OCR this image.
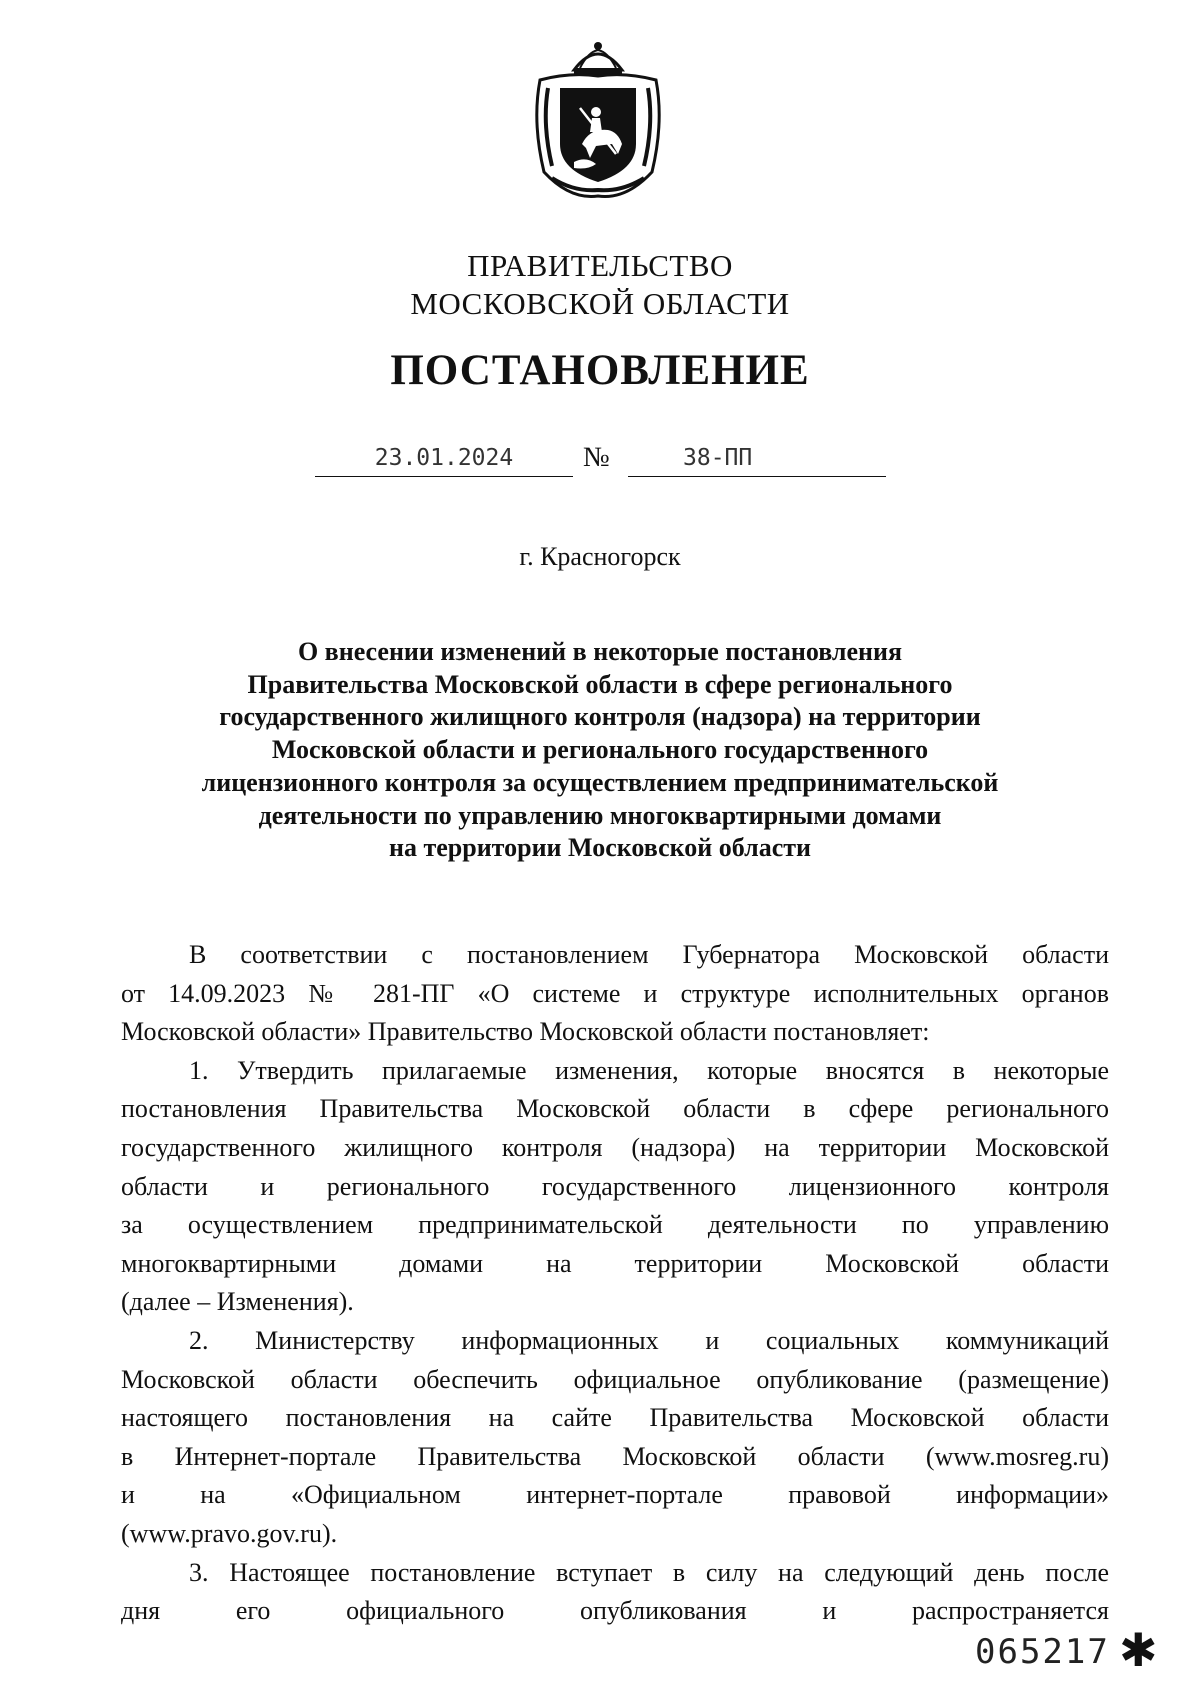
ПРАВИТЕЛЬСТВО
МОСКОВСКОЙ ОБЛАСТИ
ПОСТАНОВЛЕНИЕ
23.01.2024	№	38-ПП
г. Красногорск
О внесении изменений в некоторые постановления
Правительства Московской области в сфере регионального
государственного жилищного контроля (надзора) на территории
Московской области и регионального государственного
лицензионного контроля за осуществлением предпринимательской
деятельности по управлению многоквартирными домами
на территории Московской области
В соответствии с постановлением Губернатора Московской области
от 14.09.2023 № 281-ПГ «О системе и структуре исполнительных органов
Московской области» Правительство Московской области постановляет:
1. Утвердить прилагаемые изменения, которые вносятся в некоторые
постановления Правительства Московской области в сфере регионального
государственного жилищного контроля (надзора) на территории Московской
области и регионального государственного лицензионного контроля
за осуществлением предпринимательской деятельности по управлению
многоквартирными домами на территории Московской области
(далее – Изменения).
2. Министерству информационных и социальных коммуникаций
Московской области обеспечить официальное опубликование (размещение)
настоящего постановления на сайте Правительства Московской области
в Интернет-портале Правительства Московской области (www.mosreg.ru)
и на «Официальном интернет-портале правовой информации»
(www.pravo.gov.ru).
3. Настоящее постановление вступает в силу на следующий день после
дня его официального опубликования и распространяется
065217 ✱
